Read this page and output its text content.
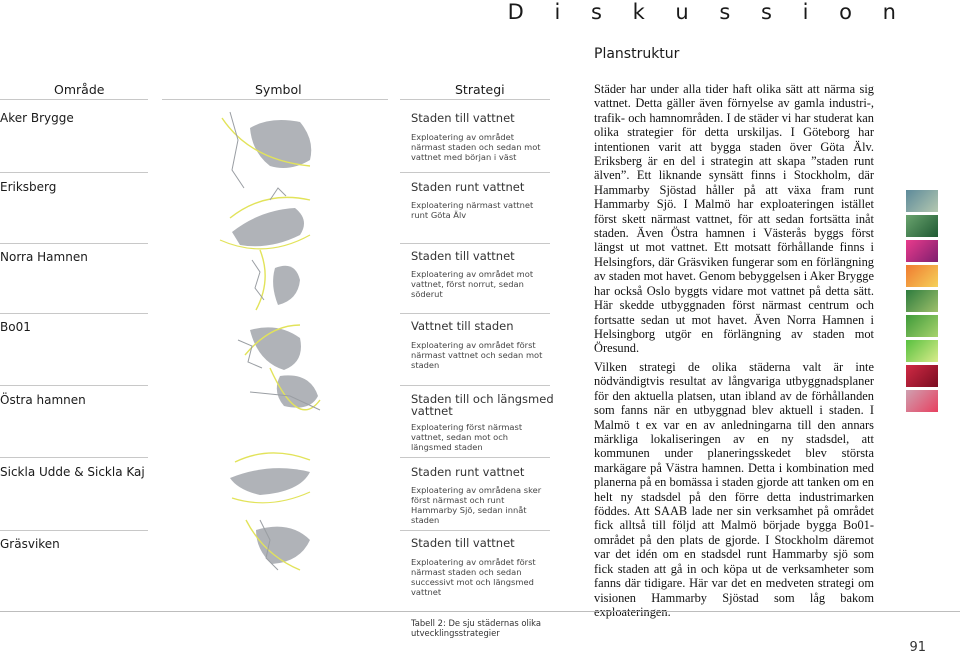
D i s k u s s i o n
Planstruktur
Område	Symbol	Strategi
Aker Brygge
Eriksberg
Norra Hamnen
Bo01
Östra hamnen
Sickla Udde & Sickla Kaj
Gräsviken
Staden till vattnet
Exploatering av området närmast staden och sedan mot vattnet med början i väst
Staden runt vattnet
Exploatering närmast vattnet runt Göta Älv
Staden till vattnet
Exploatering av området mot vattnet, först norrut, sedan söderut
Vattnet till staden
Exploatering av området först närmast vattnet och sedan mot staden
Staden till och längsmed vattnet
Exploatering först närmast vattnet, sedan mot och längsmed staden
Staden runt vattnet
Exploatering av områdena sker först närmast och runt Hammarby Sjö, sedan innåt staden
Staden till vattnet
Exploatering av området först närmast staden och sedan successivt mot och längsmed vattnet
Tabell 2: De sju städernas olika utvecklingsstrategier
Städer har under alla tider haft olika sätt att närma sig vattnet. Detta gäller även förnyelse av gamla industri-, trafik- och hamnområden. I de städer vi har studerat kan olika strategier för detta urskiljas. I Göteborg har intentionen varit att bygga staden över Göta Älv. Eriksberg är en del i strategin att skapa ”staden runt älven”. Ett liknande synsätt finns i Stockholm, där Hammarby Sjöstad håller på att växa fram runt Hammarby Sjö. I Malmö har exploateringen istället först skett närmast vattnet, för att sedan fortsätta inåt staden. Även Östra hamnen i Västerås byggs först längst ut mot vattnet. Ett motsatt förhållande finns i Helsingfors, där Gräsviken fungerar som en förlängning av staden mot havet. Genom bebyggelsen i Aker Brygge har också Oslo byggts vidare mot vattnet på detta sätt. Här skedde utbyggnaden först närmast centrum och fortsatte sedan ut mot havet. Även Norra Hamnen i Helsingborg utgör en förlängning av staden mot Öresund.
Vilken strategi de olika städerna valt är inte nödvändigtvis resultat av långvariga utbyggnadsplaner för den aktuella platsen, utan ibland av de förhållanden som fanns när en utbyggnad blev aktuell i staden. I Malmö t ex var en av anledningarna till den annars märkliga lokaliseringen av en ny stadsdel, att kommunen under planeringsskedet blev största markägare på Västra hamnen. Detta i kombination med planerna på en bomässa i staden gjorde att tanken om en helt ny stadsdel på den förre detta industrimarken föddes. Att SAAB lade ner sin verksamhet på området fick alltså till följd att Malmö började bygga Bo01-området på den plats de gjorde. I Stockholm däremot var det idén om en stadsdel runt Hammarby sjö som fick staden att gå in och köpa ut de verksamheter som fanns där tidigare. Här var det en medveten strategi om visionen Hammarby Sjöstad som låg bakom
91
